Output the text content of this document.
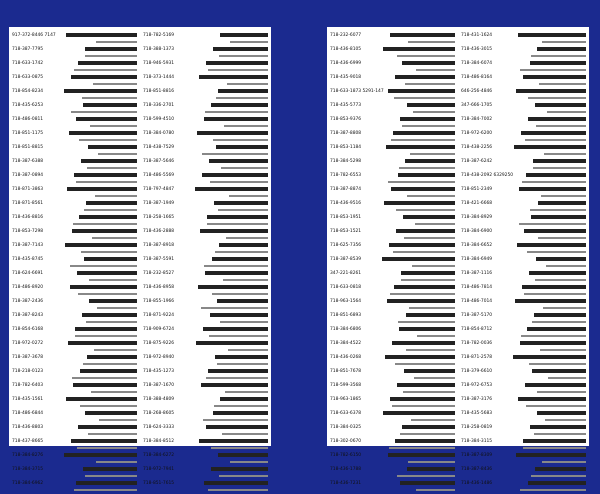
718-782-5169
718-388-1373
718-946-5931
718-373-1444
718-851-8816
718-336-2701
718-599-4510
718-384-0780
718-438-7529
718-387-5646
718-486-5569
718-797-4847
718-387-1949
718-258-1665
718-436-2888
718-387-8918
718-387-5591
718-232-8527
718-436-8958
718-855-1966
718-871-9224
718-909-6724
718-875-9226
718-972-8940
718-435-1273
718-387-1670
718-388-4809
718-268-8605
718-624-3333
718-384-8512
718-384-6272
718-972-7941
718-851-7615
917-372-8446 7147
718-387-7795
718-633-1742
718-633-0875
718-854-8234
718-435-6253
718-486-0811
718-851-1175
718-851-8815
718-387-6388
718-387-0894
718-871-3863
718-871-8561
718-436-8816
718-853-7298
718-387-7143
718-435-8745
718-624-6691
718-486-8920
718-387-2436
718-387-8243
718-854-6168
718-972-0272
718-387-3678
718-218-0123
718-782-6403
718-435-1561
718-486-6844
718-436-8803
718-437-8665
718-384-8276
718-384-3715
718-384-6962
718-431-1624
718-436-3015
718-384-6074
718-486-8164
646-256-4846
347-666-1705
718-384-7002
718-972-6200
718-438-2256
718-387-6242
718-438-2092 6329250
718-851-2349
718-421-6668
718-384-8929
718-384-6900
718-384-6652
718-384-6949
718-387-1116
718-486-7814
718-486-7014
718-387-5170
718-854-8712
718-782-0036
718-871-2578
718-379-6610
718-972-6753
718-387-3176
718-435-5683
718-258-0819
718-384-3115
718-387-8309
718-387-8436
718-436-1486
718-232-6077
718-436-8105
718-436-6999
718-435-9018
718-633-1873 5291-147
718-435-5773
718-853-9376
718-387-8808
718-853-1184
718-384-5298
718-782-6553
718-387-8874
718-436-9516
718-853-1951
718-853-1521
718-625-7356
718-387-8539
347-221-8261
718-633-0818
718-963-1564
718-851-6893
718-384-6806
718-384-4522
718-436-0268
718-851-7678
718-599-3568
718-963-1865
718-633-6378
718-384-0325
718-302-0670
718-782-6150
718-436-1788
718-436-7231
